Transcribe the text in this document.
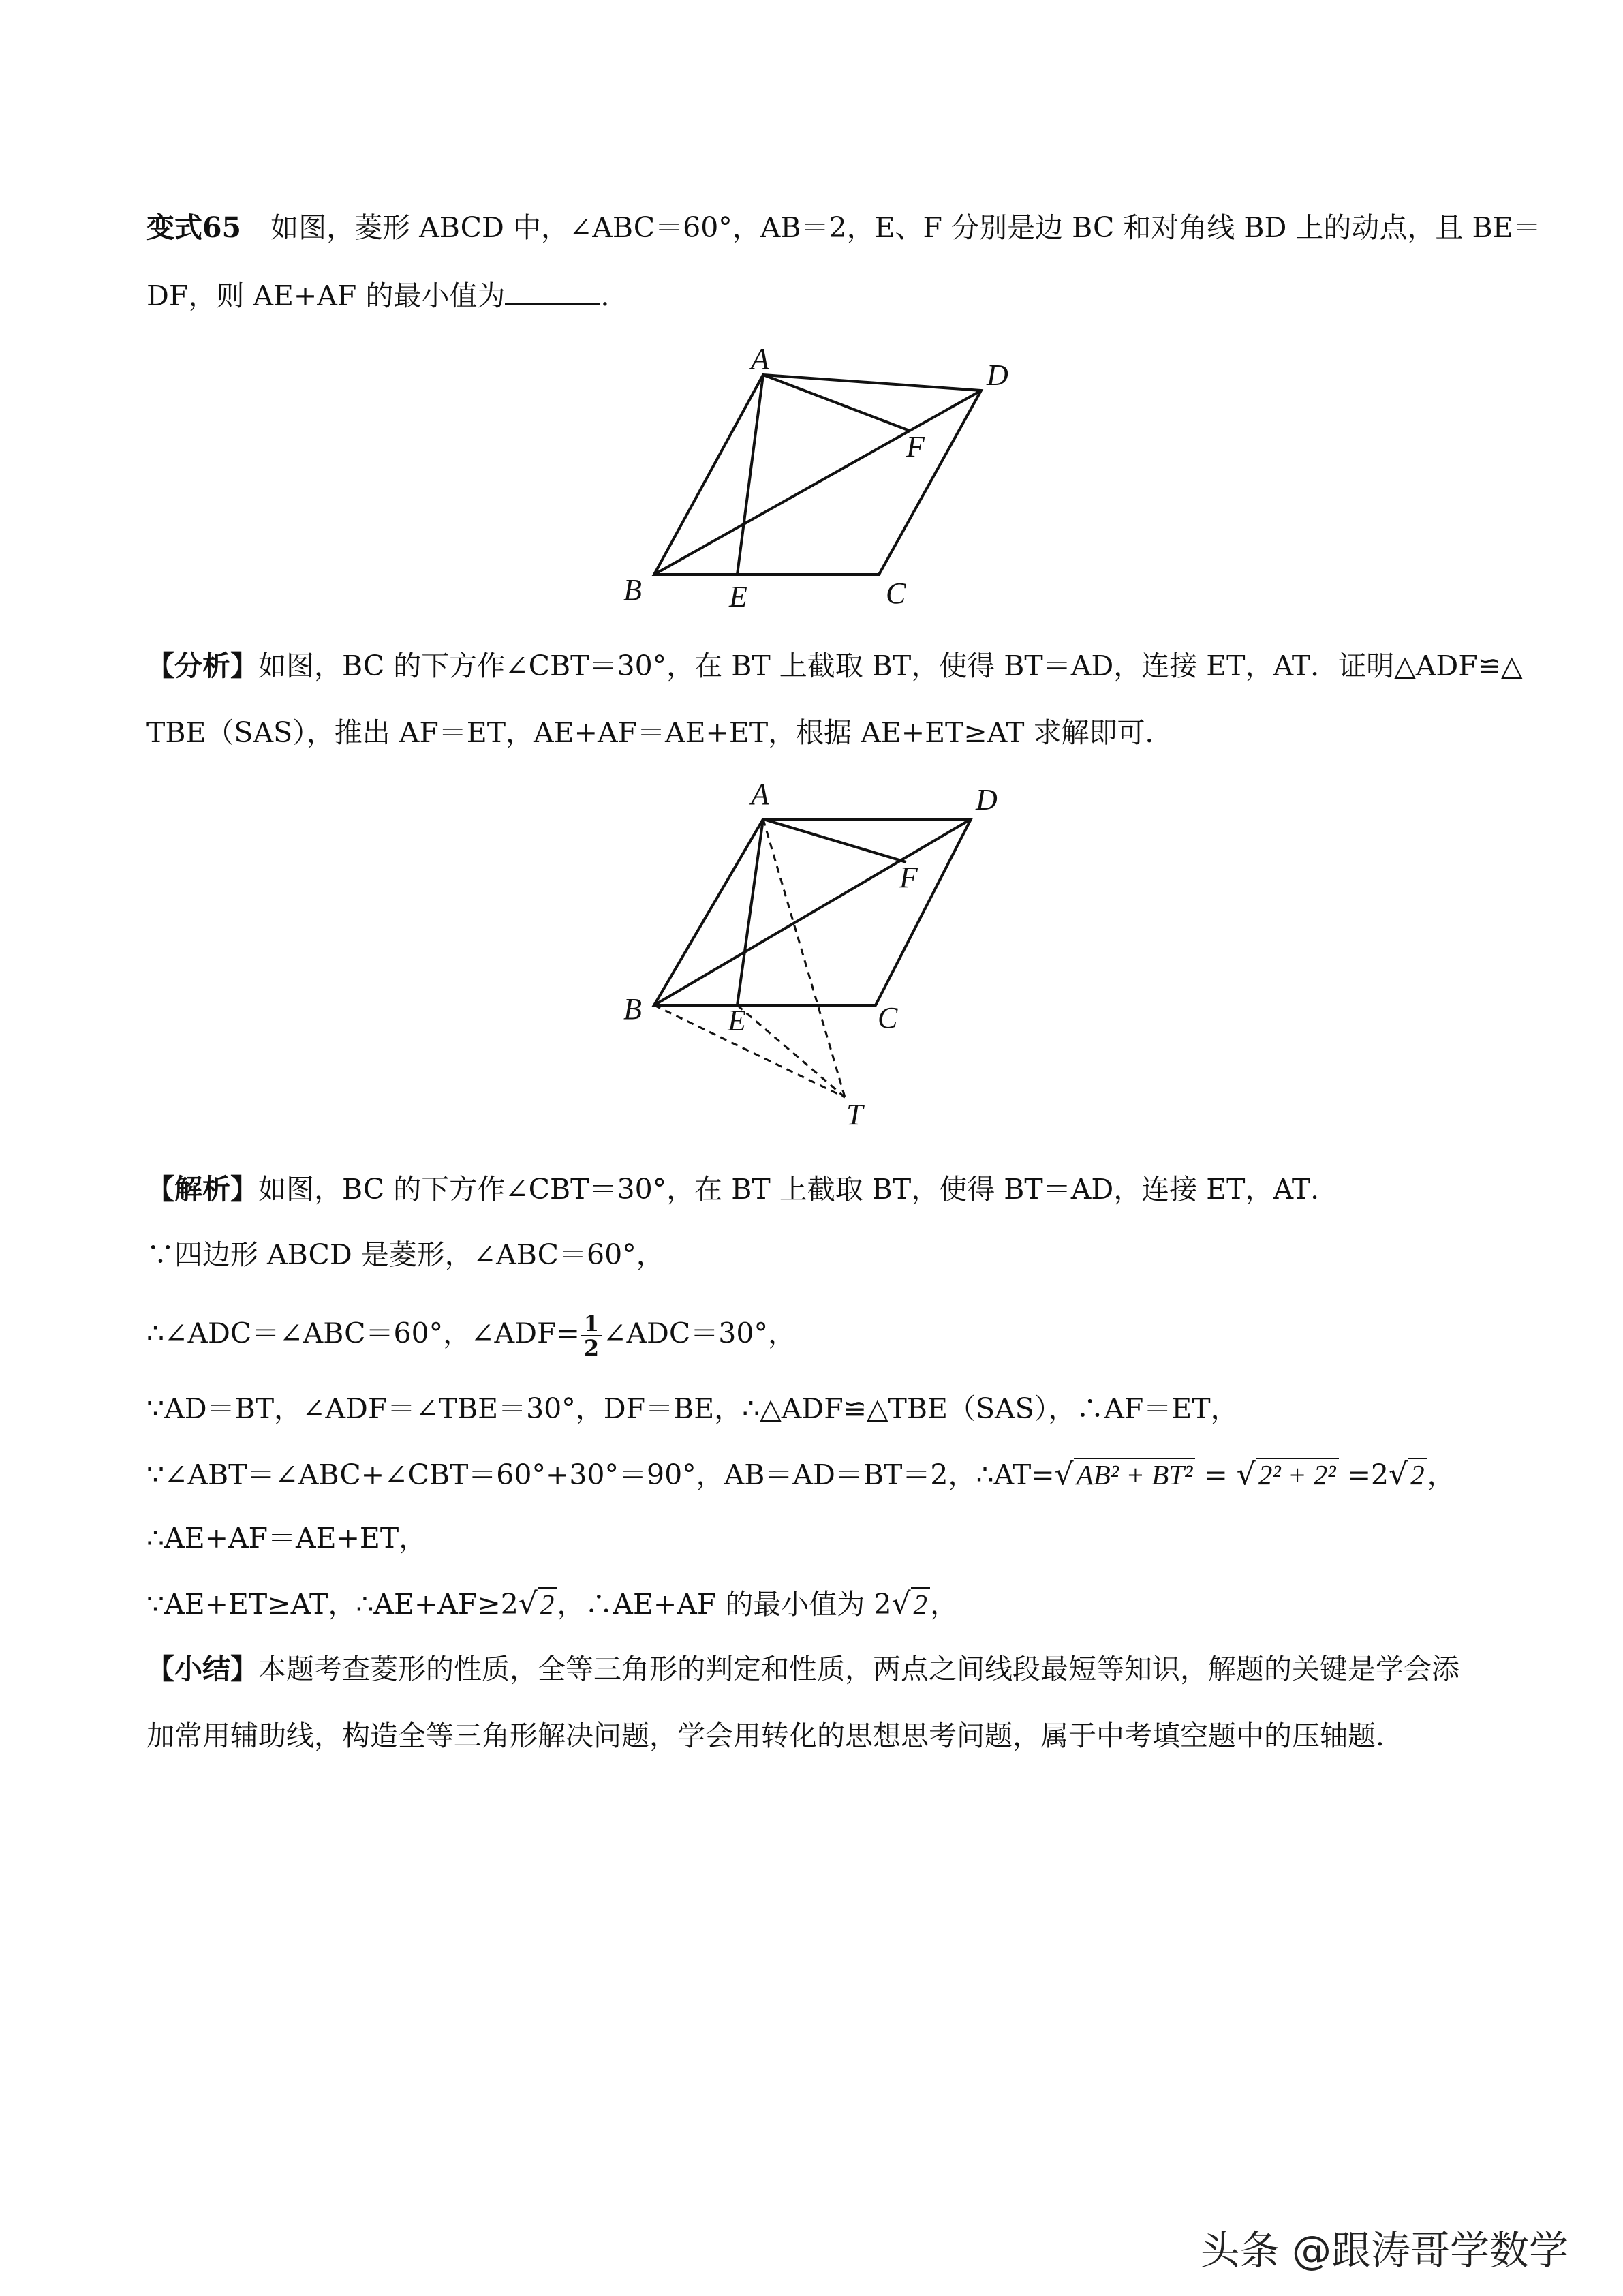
变式65 如图，菱形 ABCD 中，∠ABC＝60°，AB＝2，E、F 分别是边 BC 和对角线 BD 上的动点，且 BE＝
DF，则 AE+AF 的最小值为	.
A	D
F
B	E	C
【分析】如图，BC 的下方作∠CBT＝30°，在 BT 上截取 BT，使得 BT＝AD，连接 ET，AT．证明△ADF≌△
TBE（SAS），推出 AF＝ET，AE+AF＝AE+ET，根据 AE+ET≥AT 求解即可．
A	D
F
B	E	C
T
【解析】如图，BC 的下方作∠CBT＝30°，在 BT 上截取 BT，使得 BT＝AD，连接 ET，AT．
∵四边形 ABCD 是菱形，∠ABC＝60°，
∴∠ADC＝∠ABC＝60°，∠ADF= $\frac{1}{2}$ ∠ADC＝30°，
∵AD＝BT，∠ADF＝∠TBE＝30°，DF＝BE，∴△ADF≌△TBE（SAS），∴AF＝ET，
∵∠ABT＝∠ABC+∠CBT＝60°+30°＝90°，AB＝AD＝BT＝2，∴AT=√AB² + BT² = √2² + 2² =2√2，
∴AE+AF＝AE+ET，
∵AE+ET≥AT，∴AE+AF≥2√2，∴AE+AF 的最小值为 2√2，
【小结】本题考查菱形的性质，全等三角形的判定和性质，两点之间线段最短等知识，解题的关键是学会添
加常用辅助线，构造全等三角形解决问题，学会用转化的思想思考问题，属于中考填空题中的压轴题．
头条 @跟涛哥学数学
